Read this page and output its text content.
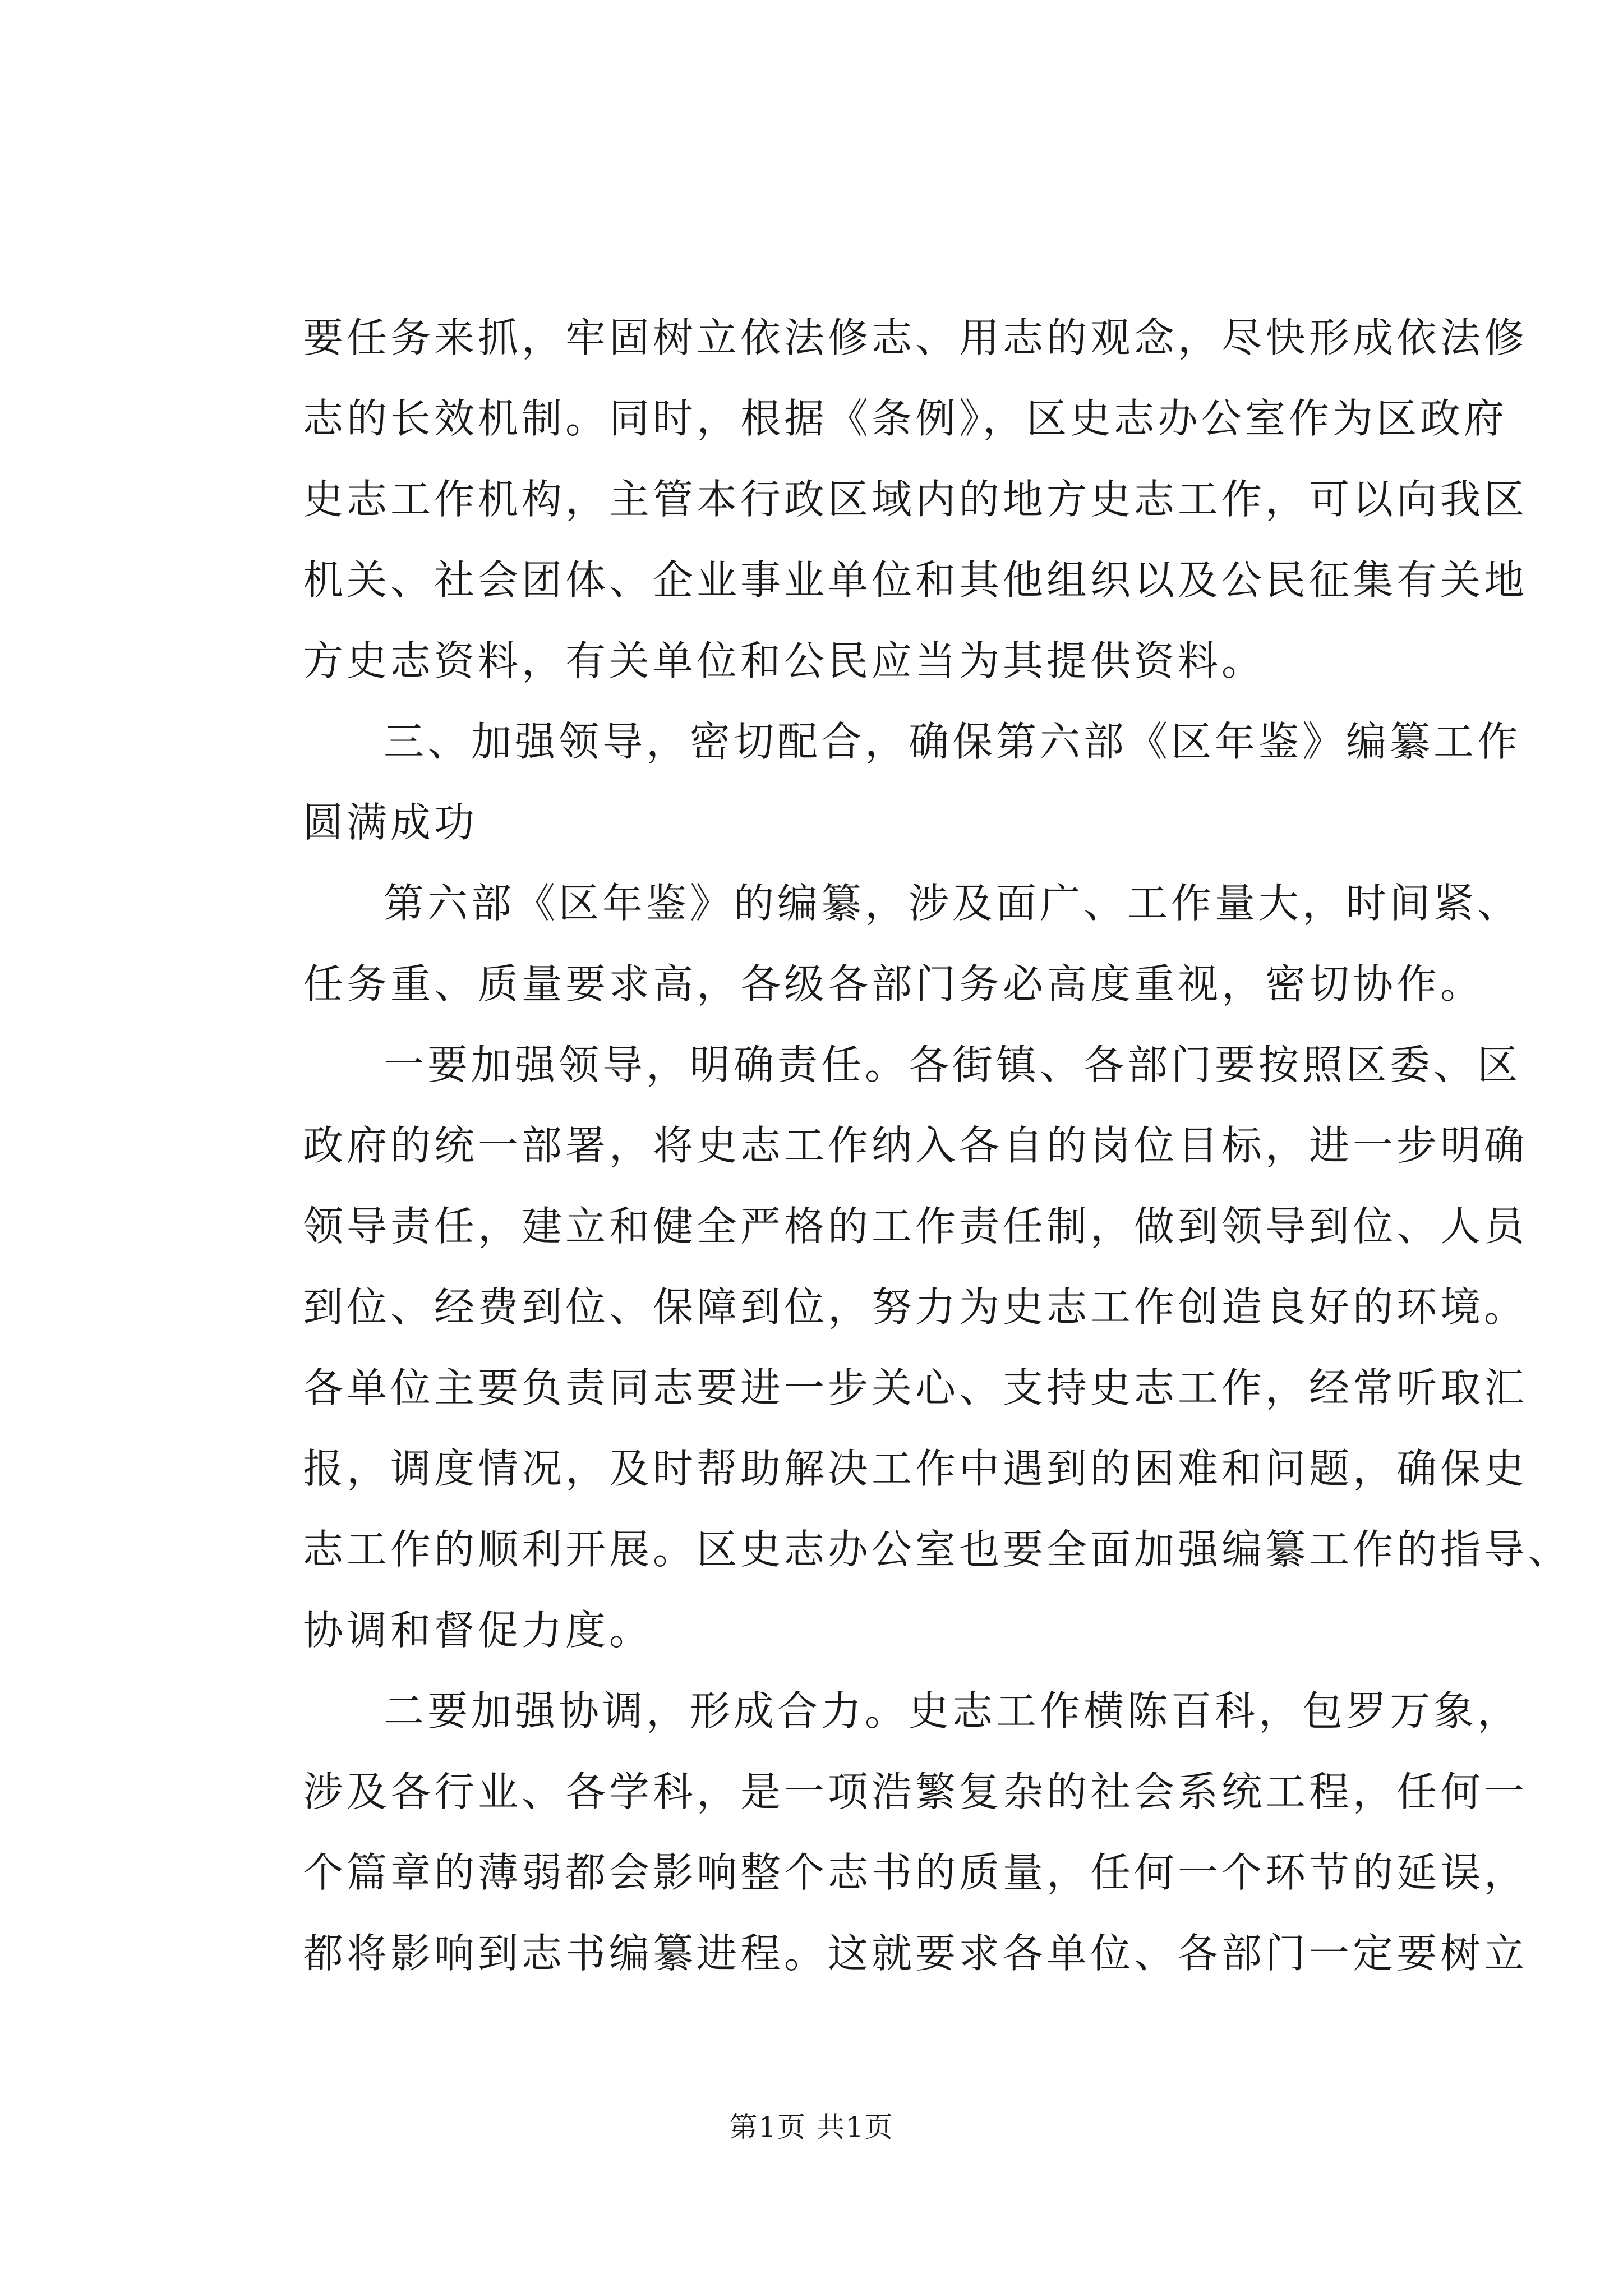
要任务来抓，牢固树立依法修志、用志的观念，尽快形成依法修
志的长效机制。同时，根据《条例》，区史志办公室作为区政府
史志工作机构，主管本行政区域内的地方史志工作，可以向我区
机关、社会团体、企业事业单位和其他组织以及公民征集有关地
方史志资料，有关单位和公民应当为其提供资料。
三、加强领导，密切配合，确保第六部《区年鉴》编纂工作
圆满成功
第六部《区年鉴》的编纂，涉及面广、工作量大，时间紧、
任务重、质量要求高，各级各部门务必高度重视，密切协作。
一要加强领导，明确责任。各街镇、各部门要按照区委、区
政府的统一部署，将史志工作纳入各自的岗位目标，进一步明确
领导责任，建立和健全严格的工作责任制，做到领导到位、人员
到位、经费到位、保障到位，努力为史志工作创造良好的环境。
各单位主要负责同志要进一步关心、支持史志工作，经常听取汇
报，调度情况，及时帮助解决工作中遇到的困难和问题，确保史
志工作的顺利开展。区史志办公室也要全面加强编纂工作的指导、
协调和督促力度。
二要加强协调，形成合力。史志工作横陈百科，包罗万象，
涉及各行业、各学科，是一项浩繁复杂的社会系统工程，任何一
个篇章的薄弱都会影响整个志书的质量，任何一个环节的延误，
都将影响到志书编纂进程。这就要求各单位、各部门一定要树立
第1页 共1页
